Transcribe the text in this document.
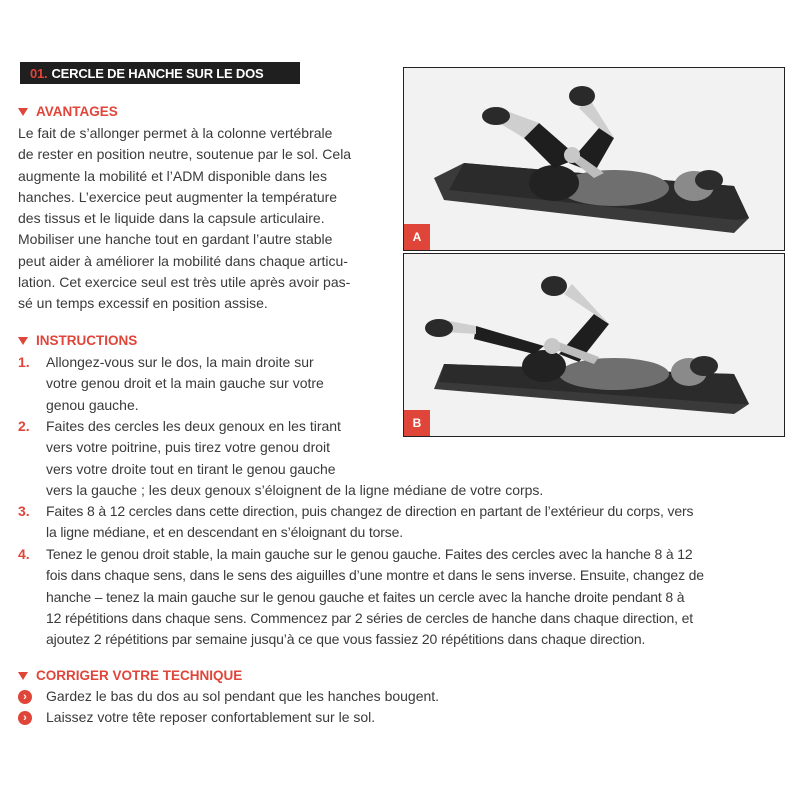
01. CERCLE DE HANCHE SUR LE DOS
AVANTAGES
Le fait de s’allonger permet à la colonne vertébrale
de rester en position neutre, soutenue par le sol. Cela
augmente la mobilité et l’ADM disponible dans les
hanches. L’exercice peut augmenter la température
des tissus et le liquide dans la capsule articulaire.
Mobiliser une hanche tout en gardant l’autre stable
peut aider à améliorer la mobilité dans chaque articu-
lation. Cet exercice seul est très utile après avoir pas-
sé un temps excessif en position assise.
INSTRUCTIONS
1. Allongez-vous sur le dos, la main droite sur
votre genou droit et la main gauche sur votre
genou gauche.
2. Faites des cercles les deux genoux en les tirant
vers votre poitrine, puis tirez votre genou droit
vers votre droite tout en tirant le genou gauche
vers la gauche ; les deux genoux s’éloignent de la ligne médiane de votre corps.
3. Faites 8 à 12 cercles dans cette direction, puis changez de direction en partant de l’extérieur du corps, vers
la ligne médiane, et en descendant en s’éloignant du torse.
4. Tenez le genou droit stable, la main gauche sur le genou gauche. Faites des cercles avec la hanche 8 à 12
fois dans chaque sens, dans le sens des aiguilles d’une montre et dans le sens inverse. Ensuite, changez de
hanche – tenez la main gauche sur le genou gauche et faites un cercle avec la hanche droite pendant 8 à
12 répétitions dans chaque sens. Commencez par 2 séries de cercles de hanche dans chaque direction, et
ajoutez 2 répétitions par semaine jusqu’à ce que vous fassiez 20 répétitions dans chaque direction.
CORRIGER VOTRE TECHNIQUE
›	Gardez le bas du dos au sol pendant que les hanches bougent.
›	Laissez votre tête reposer confortablement sur le sol.
A
B
